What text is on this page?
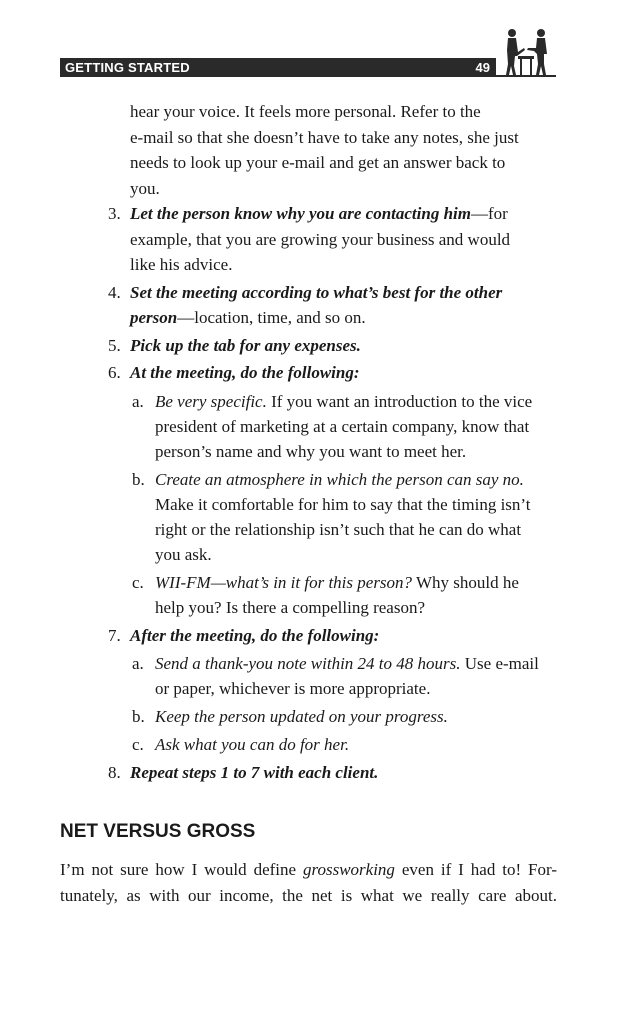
GETTING STARTED	49
hear your voice. It feels more personal. Refer to the
e-mail so that she doesn’t have to take any notes, she just
needs to look up your e-mail and get an answer back to
you.
3. Let the person know why you are contacting him—for
example, that you are growing your business and would
like his advice.
4. Set the meeting according to what’s best for the other
person—location, time, and so on.
5. Pick up the tab for any expenses.
6. At the meeting, do the following:
a. Be very specific. If you want an introduction to the vice
president of marketing at a certain company, know that
person’s name and why you want to meet her.
b. Create an atmosphere in which the person can say no.
Make it comfortable for him to say that the timing isn’t
right or the relationship isn’t such that he can do what
you ask.
c. WII-FM—what’s in it for this person? Why should he
help you? Is there a compelling reason?
7. After the meeting, do the following:
a. Send a thank-you note within 24 to 48 hours. Use e-mail
or paper, whichever is more appropriate.
b. Keep the person updated on your progress.
c. Ask what you can do for her.
8. Repeat steps 1 to 7 with each client.
NET VERSUS GROSS
I’m not sure how I would define grossworking even if I had to! For-
tunately, as with our income, the net is what we really care about.
